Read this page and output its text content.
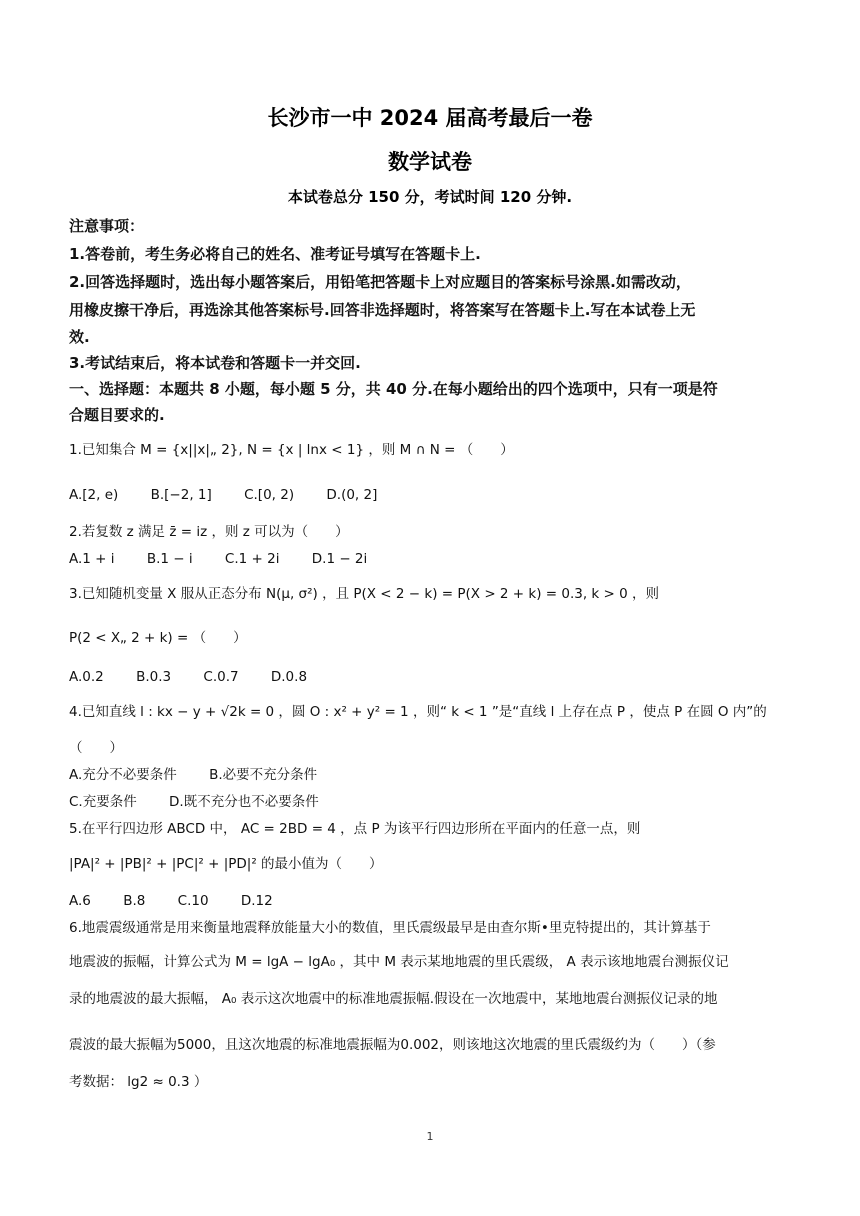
长沙市一中 2024 届高考最后一卷
数学试卷
本试卷总分 150 分，考试时间 120 分钟.
注意事项：
1.答卷前，考生务必将自己的姓名、准考证号填写在答题卡上.
2.回答选择题时，选出每小题答案后，用铅笔把答题卡上对应题目的答案标号涂黑.如需改动，
用橡皮擦干净后，再选涂其他答案标号.回答非选择题时，将答案写在答题卡上.写在本试卷上无
效.
3.考试结束后，将本试卷和答题卡一并交回.
一、选择题：本题共 8 小题，每小题 5 分，共 40 分.在每小题给出的四个选项中，只有一项是符
合题目要求的.
1.已知集合 M = {x||x|„ 2}, N = {x | lnx < 1} ，则 M ∩ N = （　　）
A.[2, e) B.[−2, 1] C.[0, 2) D.(0, 2]
2.若复数 z 满足 z̄ = iz ，则 z 可以为（　　）
A.1 + i B.1 − i C.1 + 2i D.1 − 2i
3.已知随机变量 X 服从正态分布 N(μ, σ²) ，且 P(X < 2 − k) = P(X > 2 + k) = 0.3, k > 0 ，则
P(2 < X„ 2 + k) = （　　）
A.0.2 B.0.3 C.0.7 D.0.8
4.已知直线 l : kx − y + √2k = 0 ，圆 O : x² + y² = 1 ，则“ k < 1 ”是“直线 l 上存在点 P ，使点 P 在圆 O 内”的
（　　）
A.充分不必要条件 B.必要不充分条件
C.充要条件 D.既不充分也不必要条件
5.在平行四边形 ABCD 中， AC = 2BD = 4 ，点 P 为该平行四边形所在平面内的任意一点，则
|PA|² + |PB|² + |PC|² + |PD|² 的最小值为（　　）
A.6 B.8 C.10 D.12
6.地震震级通常是用来衡量地震释放能量大小的数值，里氏震级最早是由查尔斯•里克特提出的，其计算基于
地震波的振幅，计算公式为 M = lgA − lgA₀ ，其中 M 表示某地地震的里氏震级， A 表示该地地震台测振仪记
录的地震波的最大振幅， A₀ 表示这次地震中的标准地震振幅.假设在一次地震中，某地地震台测振仪记录的地
震波的最大振幅为5000，且这次地震的标准地震振幅为0.002，则该地这次地震的里氏震级约为（　　）（参
考数据： lg2 ≈ 0.3 ）
1
